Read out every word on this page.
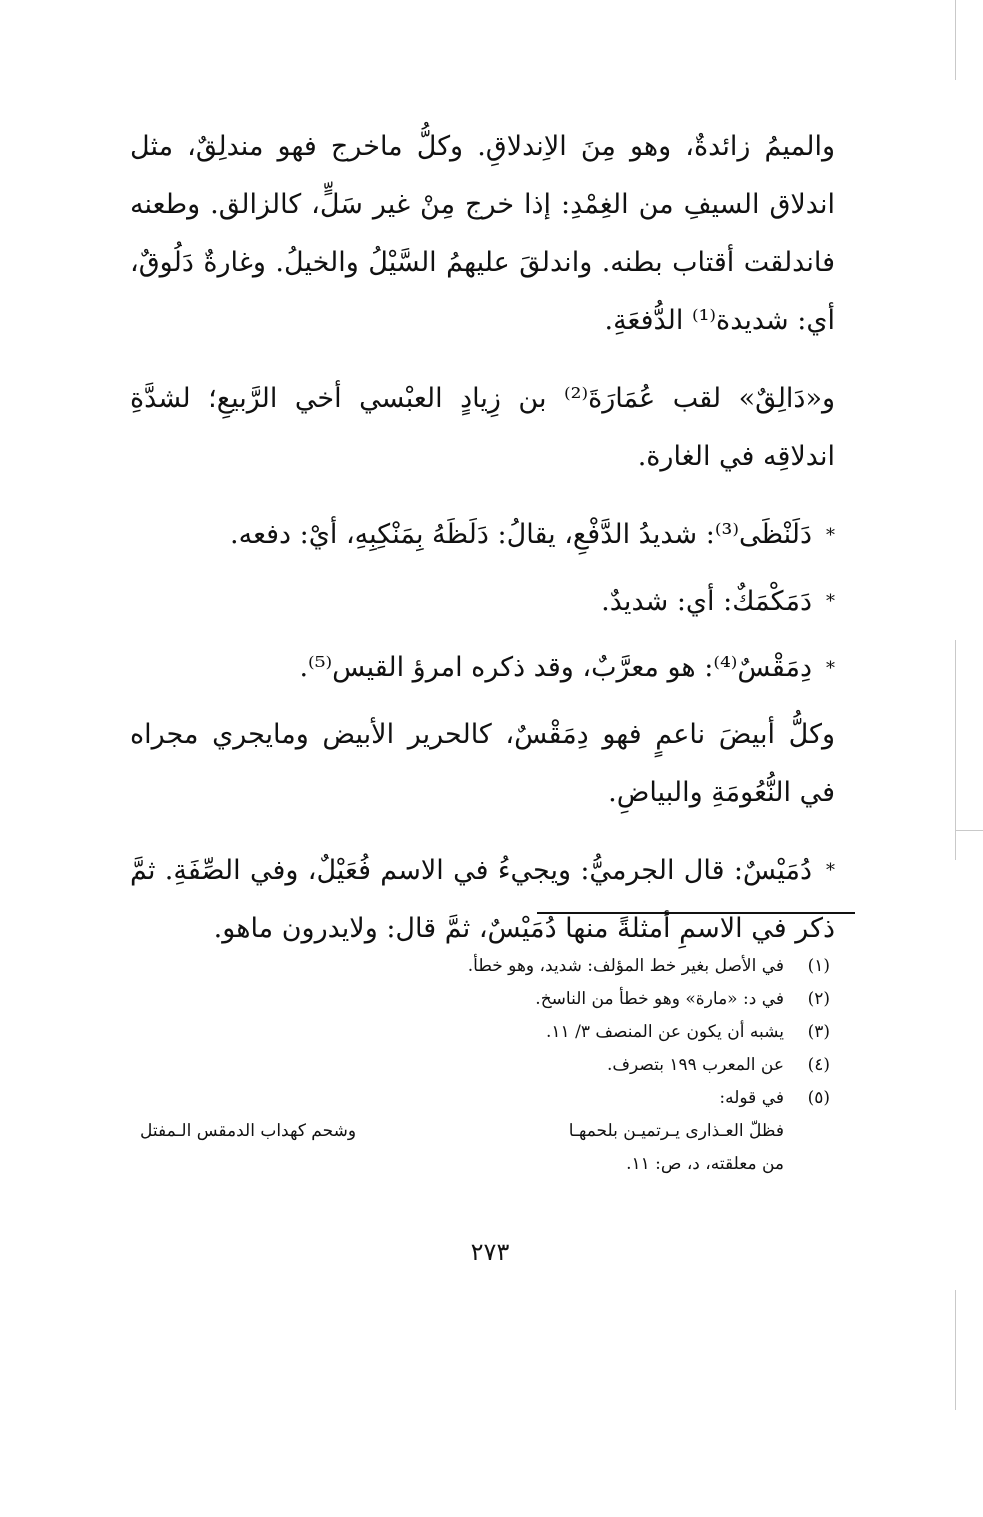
والميمُ زائدةٌ، وهو مِنَ الاِندلاقِ. وكلُّ ماخرج فهو مندلِقٌ، مثل اندلاق السيفِ من الغِمْدِ: إذا خرج مِنْ غير سَلٍّ، كالزالق. وطعنه فاندلقت أقتاب بطنه. واندلقَ عليهمُ السَّيْلُ والخيلُ. وغارةٌ دَلُوقٌ، أي: شديدة⁽¹⁾ الدُّفعَةِ.

و«دَالِقٌ» لقب عُمَارَةَ⁽²⁾ بن زِيادٍ العبْسي أخي الرَّبيعِ؛ لشدَّةِ اندلاقِه في الغارة.

*دَلَنْظَى⁽³⁾: شديدُ الدَّفْعِ، يقالُ: دَلَظَهُ بِمَنْكِبِهِ، أيْ: دفعه.

*دَمَكْمَكٌ: أي: شديدٌ.

*دِمَقْسٌ⁽⁴⁾: هو معرَّبٌ، وقد ذكره امرؤ القيس⁽⁵⁾.

وكلُّ أبيضَ ناعمٍ فهو دِمَقْسٌ، كالحرير الأبيض ومايجري مجراه في النُّعُومَةِ والبياضِ.

*دُمَيْسٌ: قال الجرميُّ: ويجيءُ في الاسم فُعَيْلٌ، وفي الصِّفَةِ. ثمَّ ذكر في الاسمِ أمثلةً منها دُمَيْسٌ، ثمَّ قال: ولايدرون ماهو.

(١)في الأصل بغير خط المؤلف: شديد، وهو خطأ.

(٢)في د: «مارة» وهو خطأ من الناسخ.

(٣)يشبه أن يكون عن المنصف ٣/ ١١.

(٤)عن المعرب ١٩٩ بتصرف.

(٥)في قوله:

فظلّ العـذارى يـرتميـن بلحمهـا
وشحم كهداب الدمقس الـمفتل

من معلقته، د، ص: ١١.

٢٧٣
